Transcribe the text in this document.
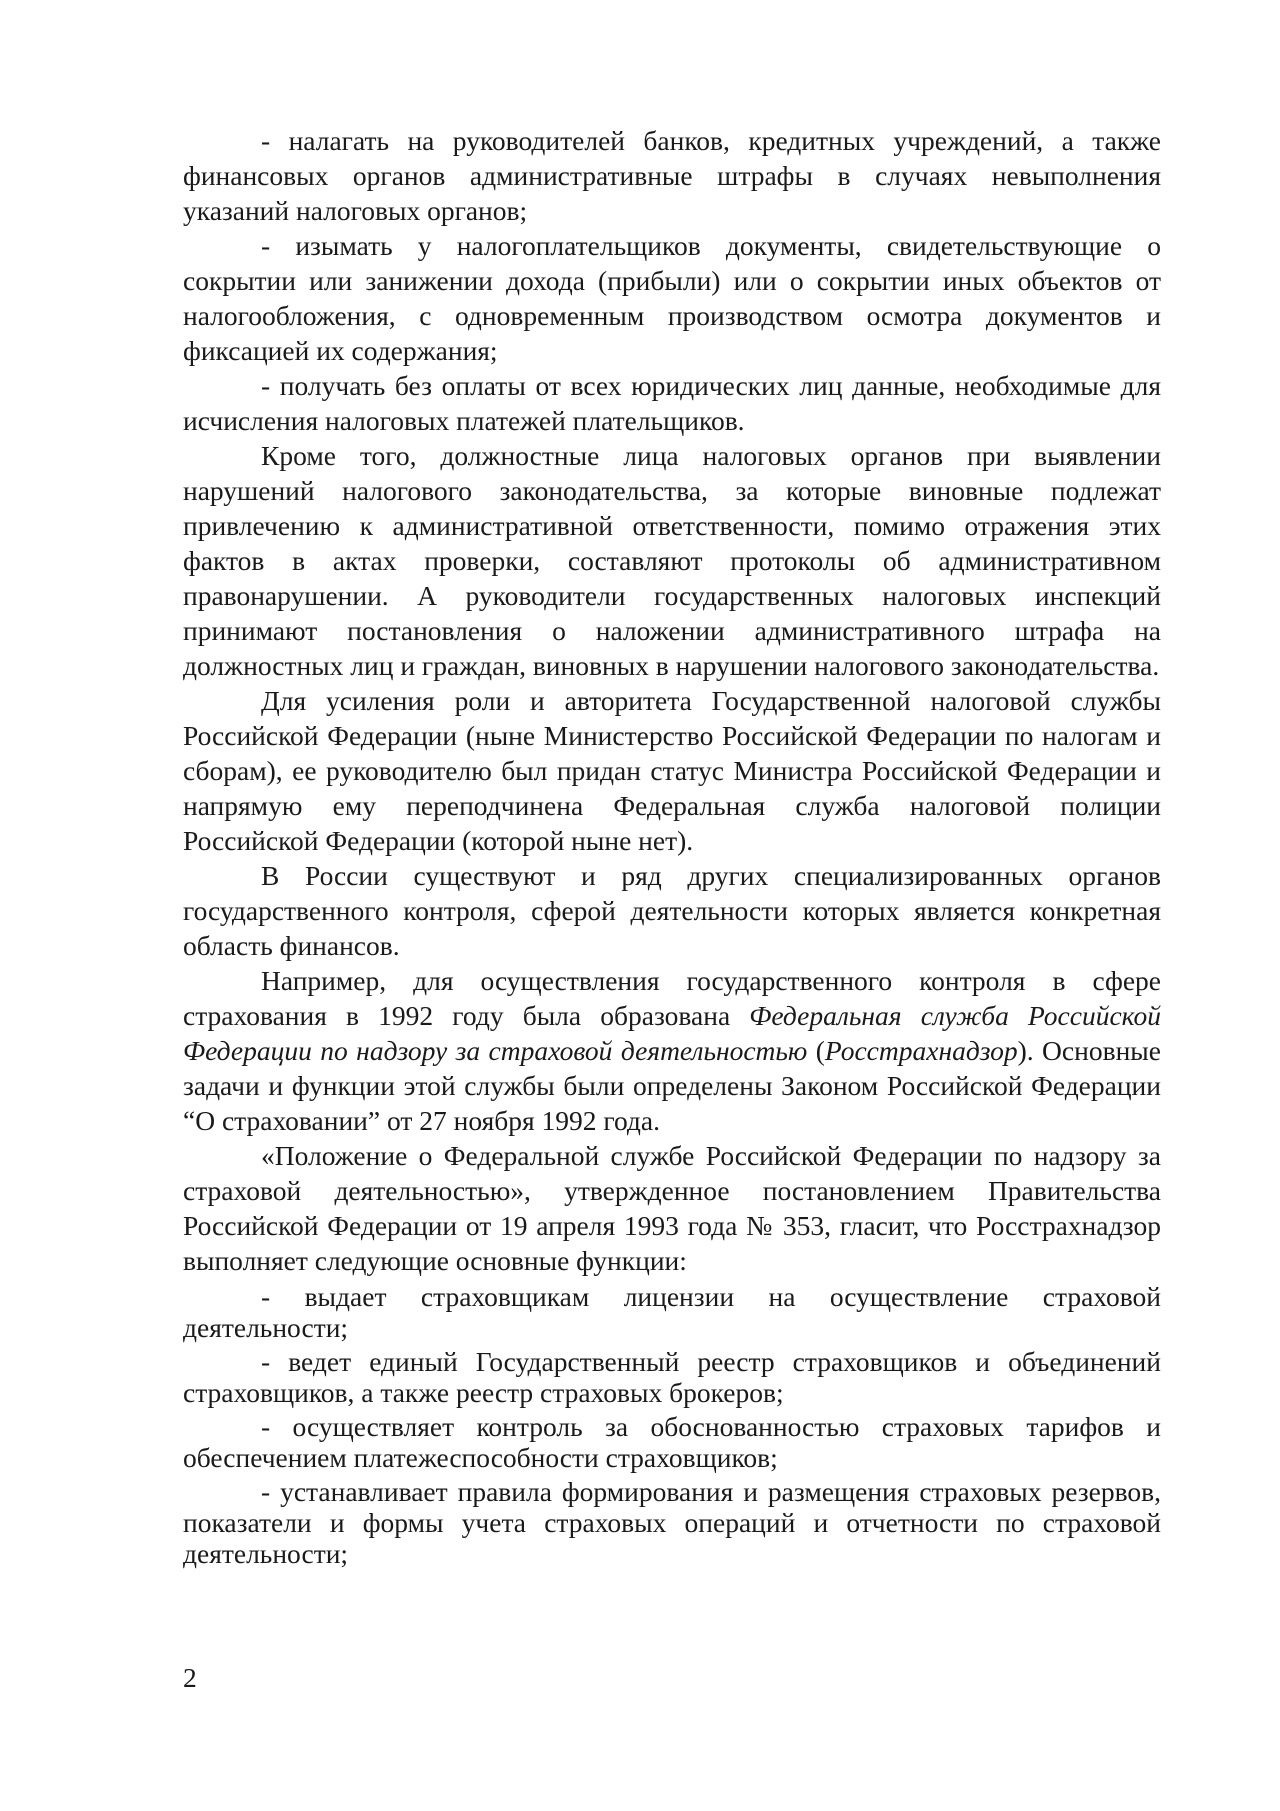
- налагать на руководителей банков, кредитных учреждений, а также финансовых органов административные штрафы в случаях невыполнения указаний налоговых органов;

- изымать у налогоплательщиков документы, свидетельствующие о сокрытии или занижении дохода (прибыли) или о сокрытии иных объектов от налогообложения, с одновременным производством осмотра документов и фиксацией их содержания;

- получать без оплаты от всех юридических лиц данные, необходимые для исчисления налоговых платежей плательщиков.

Кроме того, должностные лица налоговых органов при выявлении нарушений налогового законодательства, за которые виновные подлежат привлечению к административной ответственности, помимо отражения этих фактов в актах проверки, составляют протоколы об административном правонарушении. А руководители государственных налоговых инспекций принимают постановления о наложении административного штрафа на должностных лиц и граждан, виновных в нарушении налогового законодательства.

Для усиления роли и авторитета Государственной налоговой службы Российской Федерации (ныне Министерство Российской Федерации по налогам и сборам), ее руководителю был придан статус Министра Российской Федерации и напрямую ему переподчинена Федеральная служба налоговой полиции Российской Федерации (которой ныне нет).

В России существуют и ряд других специализированных органов государственного контроля, сферой деятельности которых является конкретная область финансов.

Например, для осуществления государственного контроля в сфере страхования в 1992 году была образована Федеральная служба Российской Федерации по надзору за страховой деятельностью (Росстрахнадзор). Основные задачи и функции этой службы были определены Законом Российской Федерации “О страховании” от 27 ноября 1992 года.

«Положение о Федеральной службе Российской Федерации по надзору за страховой деятельностью», утвержденное постановлением Правительства Российской Федерации от 19 апреля 1993 года № 353, гласит, что Росстрахнадзор выполняет следующие основные функции:

- выдает страховщикам лицензии на осуществление страховой деятельности;

- ведет единый Государственный реестр страховщиков и объединений страховщиков, а также реестр страховых брокеров;

- осуществляет контроль за обоснованностью страховых тарифов и обеспечением платежеспособности страховщиков;

- устанавливает правила формирования и размещения страховых резервов, показатели и формы учета страховых операций и отчетности по страховой деятельности;

2
